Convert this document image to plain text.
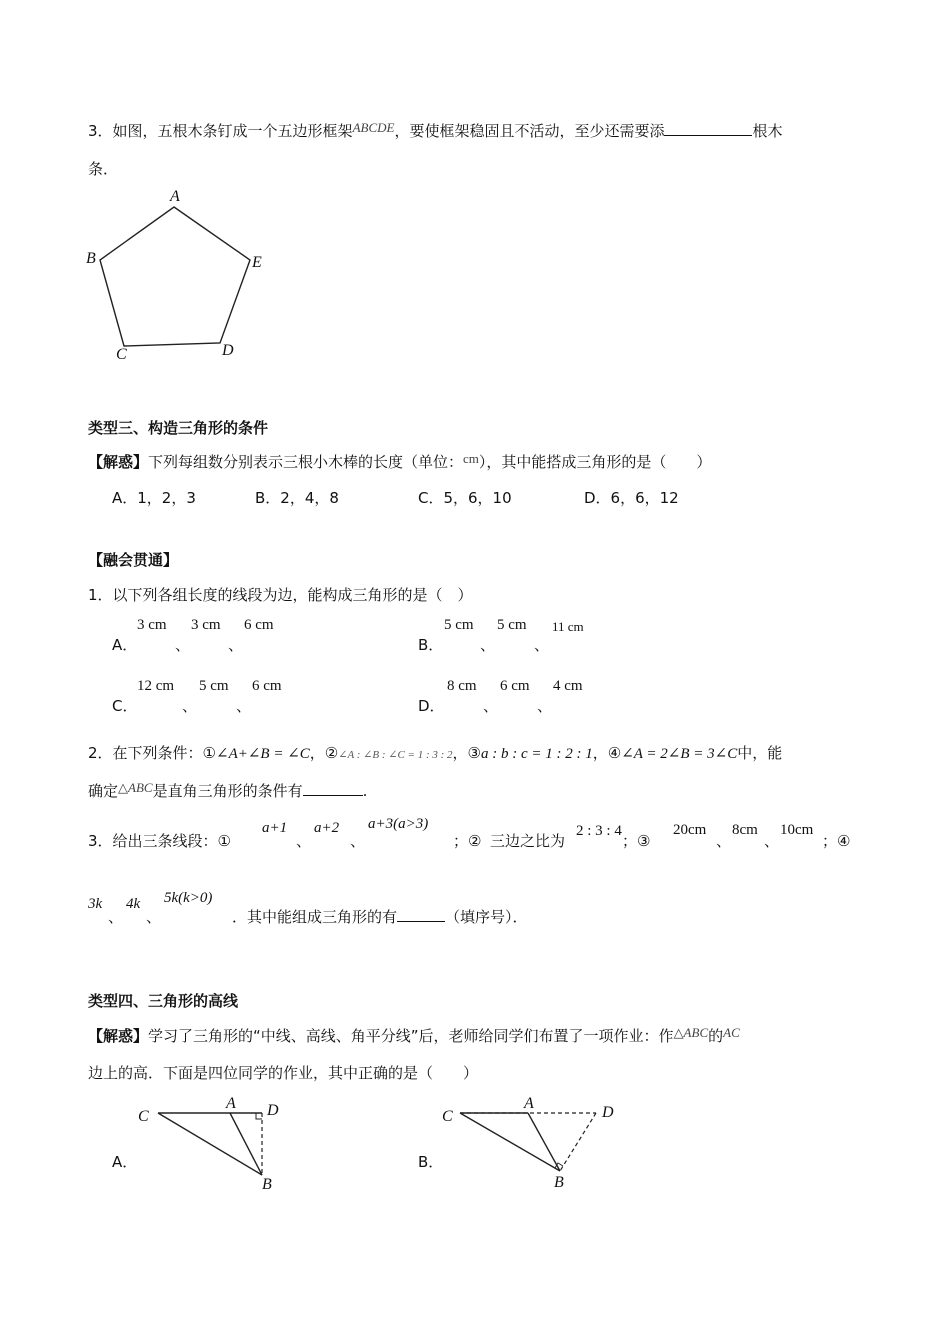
3．如图，五根木条钉成一个五边形框架ABCDE，要使框架稳固且不活动，至少还需要添	根木
条．
A
B
C	D
E
类型三、构造三角形的条件
【解惑】下列每组数分别表示三根小木棒的长度（单位：cm），其中能搭成三角形的是（　　）
A．1，2，3	B．2，4，8	C．5，6，10	D．6，6，12
【融会贯通】
1．以下列各组长度的线段为边，能构成三角形的是（　）
A．
3 cm 3 cm 6 cm
、	、	B．
5 cm 5 cm 11 cm
、	、
C．
12 cm 5 cm 6 cm
、	、	D．
8 cm 6 cm 4 cm
、	、
2．在下列条件：①∠A+∠B = ∠C，②∠A : ∠B : ∠C = 1 : 3 : 2，③a : b : c = 1 : 2 : 1，④∠A = 2∠B = 3∠C中，能
确定△ABC是直角三角形的条件有	.
3．给出三条线段：①
a+1
、
a+2
、
a+3(a>3)
；② 三边之比为
2 : 3 : 4
；③
20cm
、
8cm
、
10cm
；④
3k
、
4k
、
5k(k>0)
．其中能组成三角形的有	（填序号）．
类型四、三角形的高线
【解惑】学习了三角形的“中线、高线、角平分线”后，老师给同学们布置了一项作业：作△ABC的AC
边上的高．下面是四位同学的作业，其中正确的是（　　）
A．
A
B
C	D
B．
A
B
C	D
